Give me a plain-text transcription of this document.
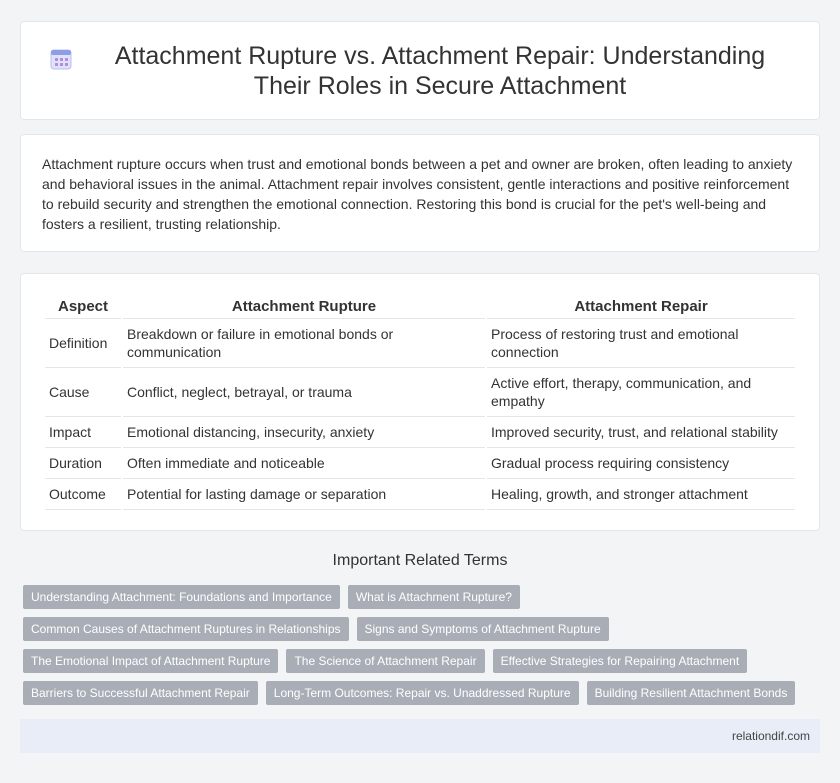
Attachment Rupture vs. Attachment Repair: Understanding Their Roles in Secure Attachment

Attachment rupture occurs when trust and emotional bonds between a pet and owner are broken, often leading to anxiety and behavioral issues in the animal. Attachment repair involves consistent, gentle interactions and positive reinforcement to rebuild security and strengthen the emotional connection. Restoring this bond is crucial for the pet's well-being and fosters a resilient, trusting relationship.

Aspect	Attachment Rupture	Attachment Repair
Definition	Breakdown or failure in emotional bonds or communication	Process of restoring trust and emotional connection
Cause	Conflict, neglect, betrayal, or trauma	Active effort, therapy, communication, and empathy
Impact	Emotional distancing, insecurity, anxiety	Improved security, trust, and relational stability
Duration	Often immediate and noticeable	Gradual process requiring consistency
Outcome	Potential for lasting damage or separation	Healing, growth, and stronger attachment
Important Related Terms
Understanding Attachment: Foundations and Importance What is Attachment Rupture?Common Causes of Attachment Ruptures in Relationships Signs and Symptoms of Attachment RuptureThe Emotional Impact of Attachment Rupture The Science of Attachment Repair Effective Strategies for Repairing AttachmentBarriers to Successful Attachment Repair Long-Term Outcomes: Repair vs. Unaddressed Rupture Building Resilient Attachment Bonds
relationdif.com
